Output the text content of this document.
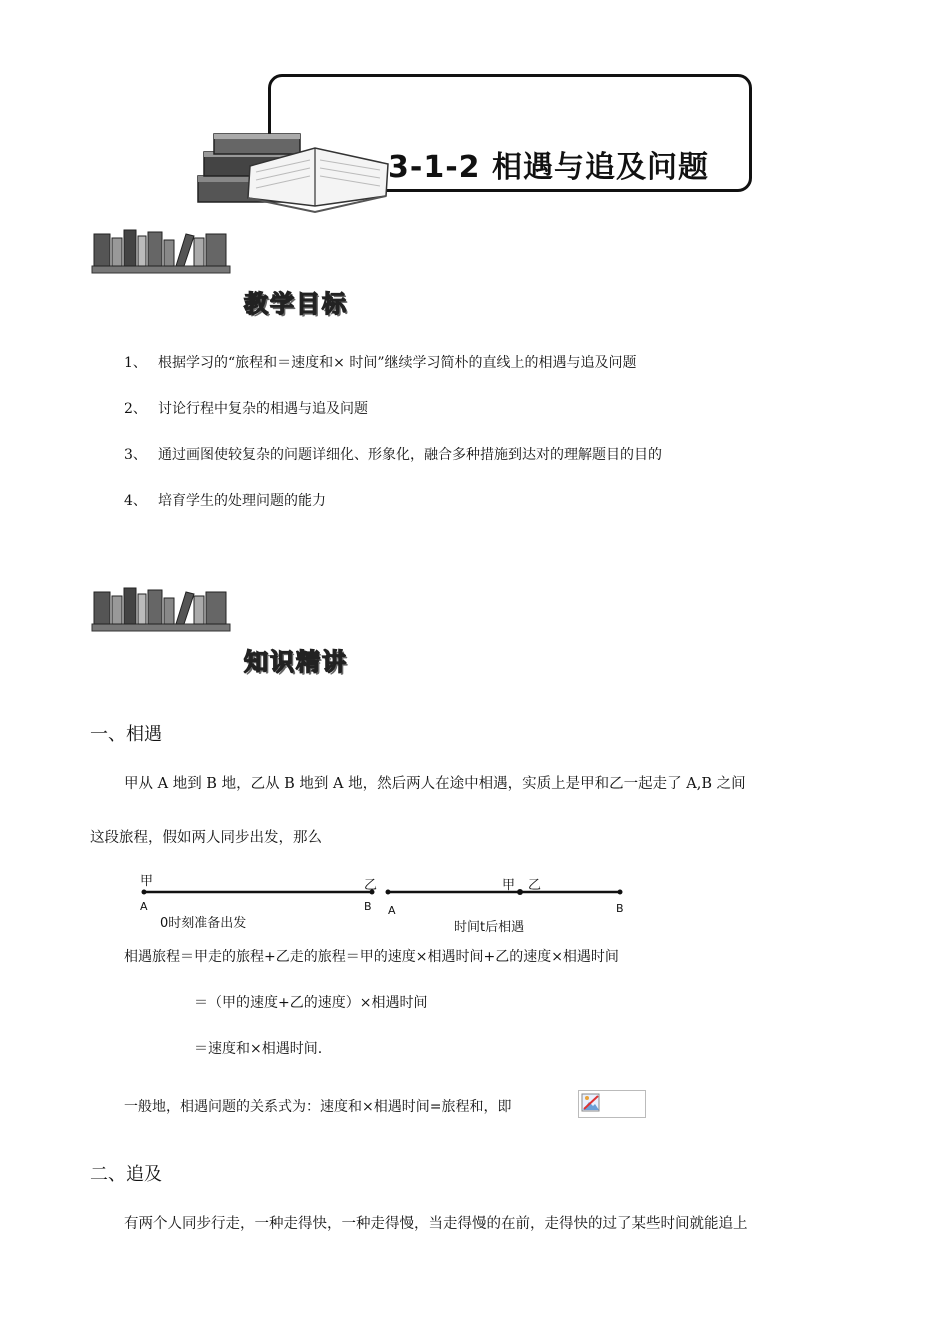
3-1-2 相遇与追及问题
教学目标
1、 根据学习的“旅程和＝速度和× 时间”继续学习简朴的直线上的相遇与追及问题
2、 讨论行程中复杂的相遇与追及问题
3、 通过画图使较复杂的问题详细化、形象化，融合多种措施到达对的理解题目的目的
4、 培育学生的处理问题的能力
知识精讲
一、相遇
甲从 A 地到 B 地，乙从 B 地到 A 地，然后两人在途中相遇，实质上是甲和乙一起走了 A,B 之间
这段旅程，假如两人同步出发，那么
甲
A
乙
B
0时刻准备出发
A
甲 乙
B
时间t后相遇
相遇旅程＝甲走的旅程+乙走的旅程＝甲的速度×相遇时间+乙的速度×相遇时间
＝（甲的速度+乙的速度）×相遇时间
＝速度和×相遇时间.
一般地，相遇问题的关系式为：速度和×相遇时间=旅程和，即
二、追及
有两个人同步行走，一种走得快，一种走得慢，当走得慢的在前，走得快的过了某些时间就能追上
